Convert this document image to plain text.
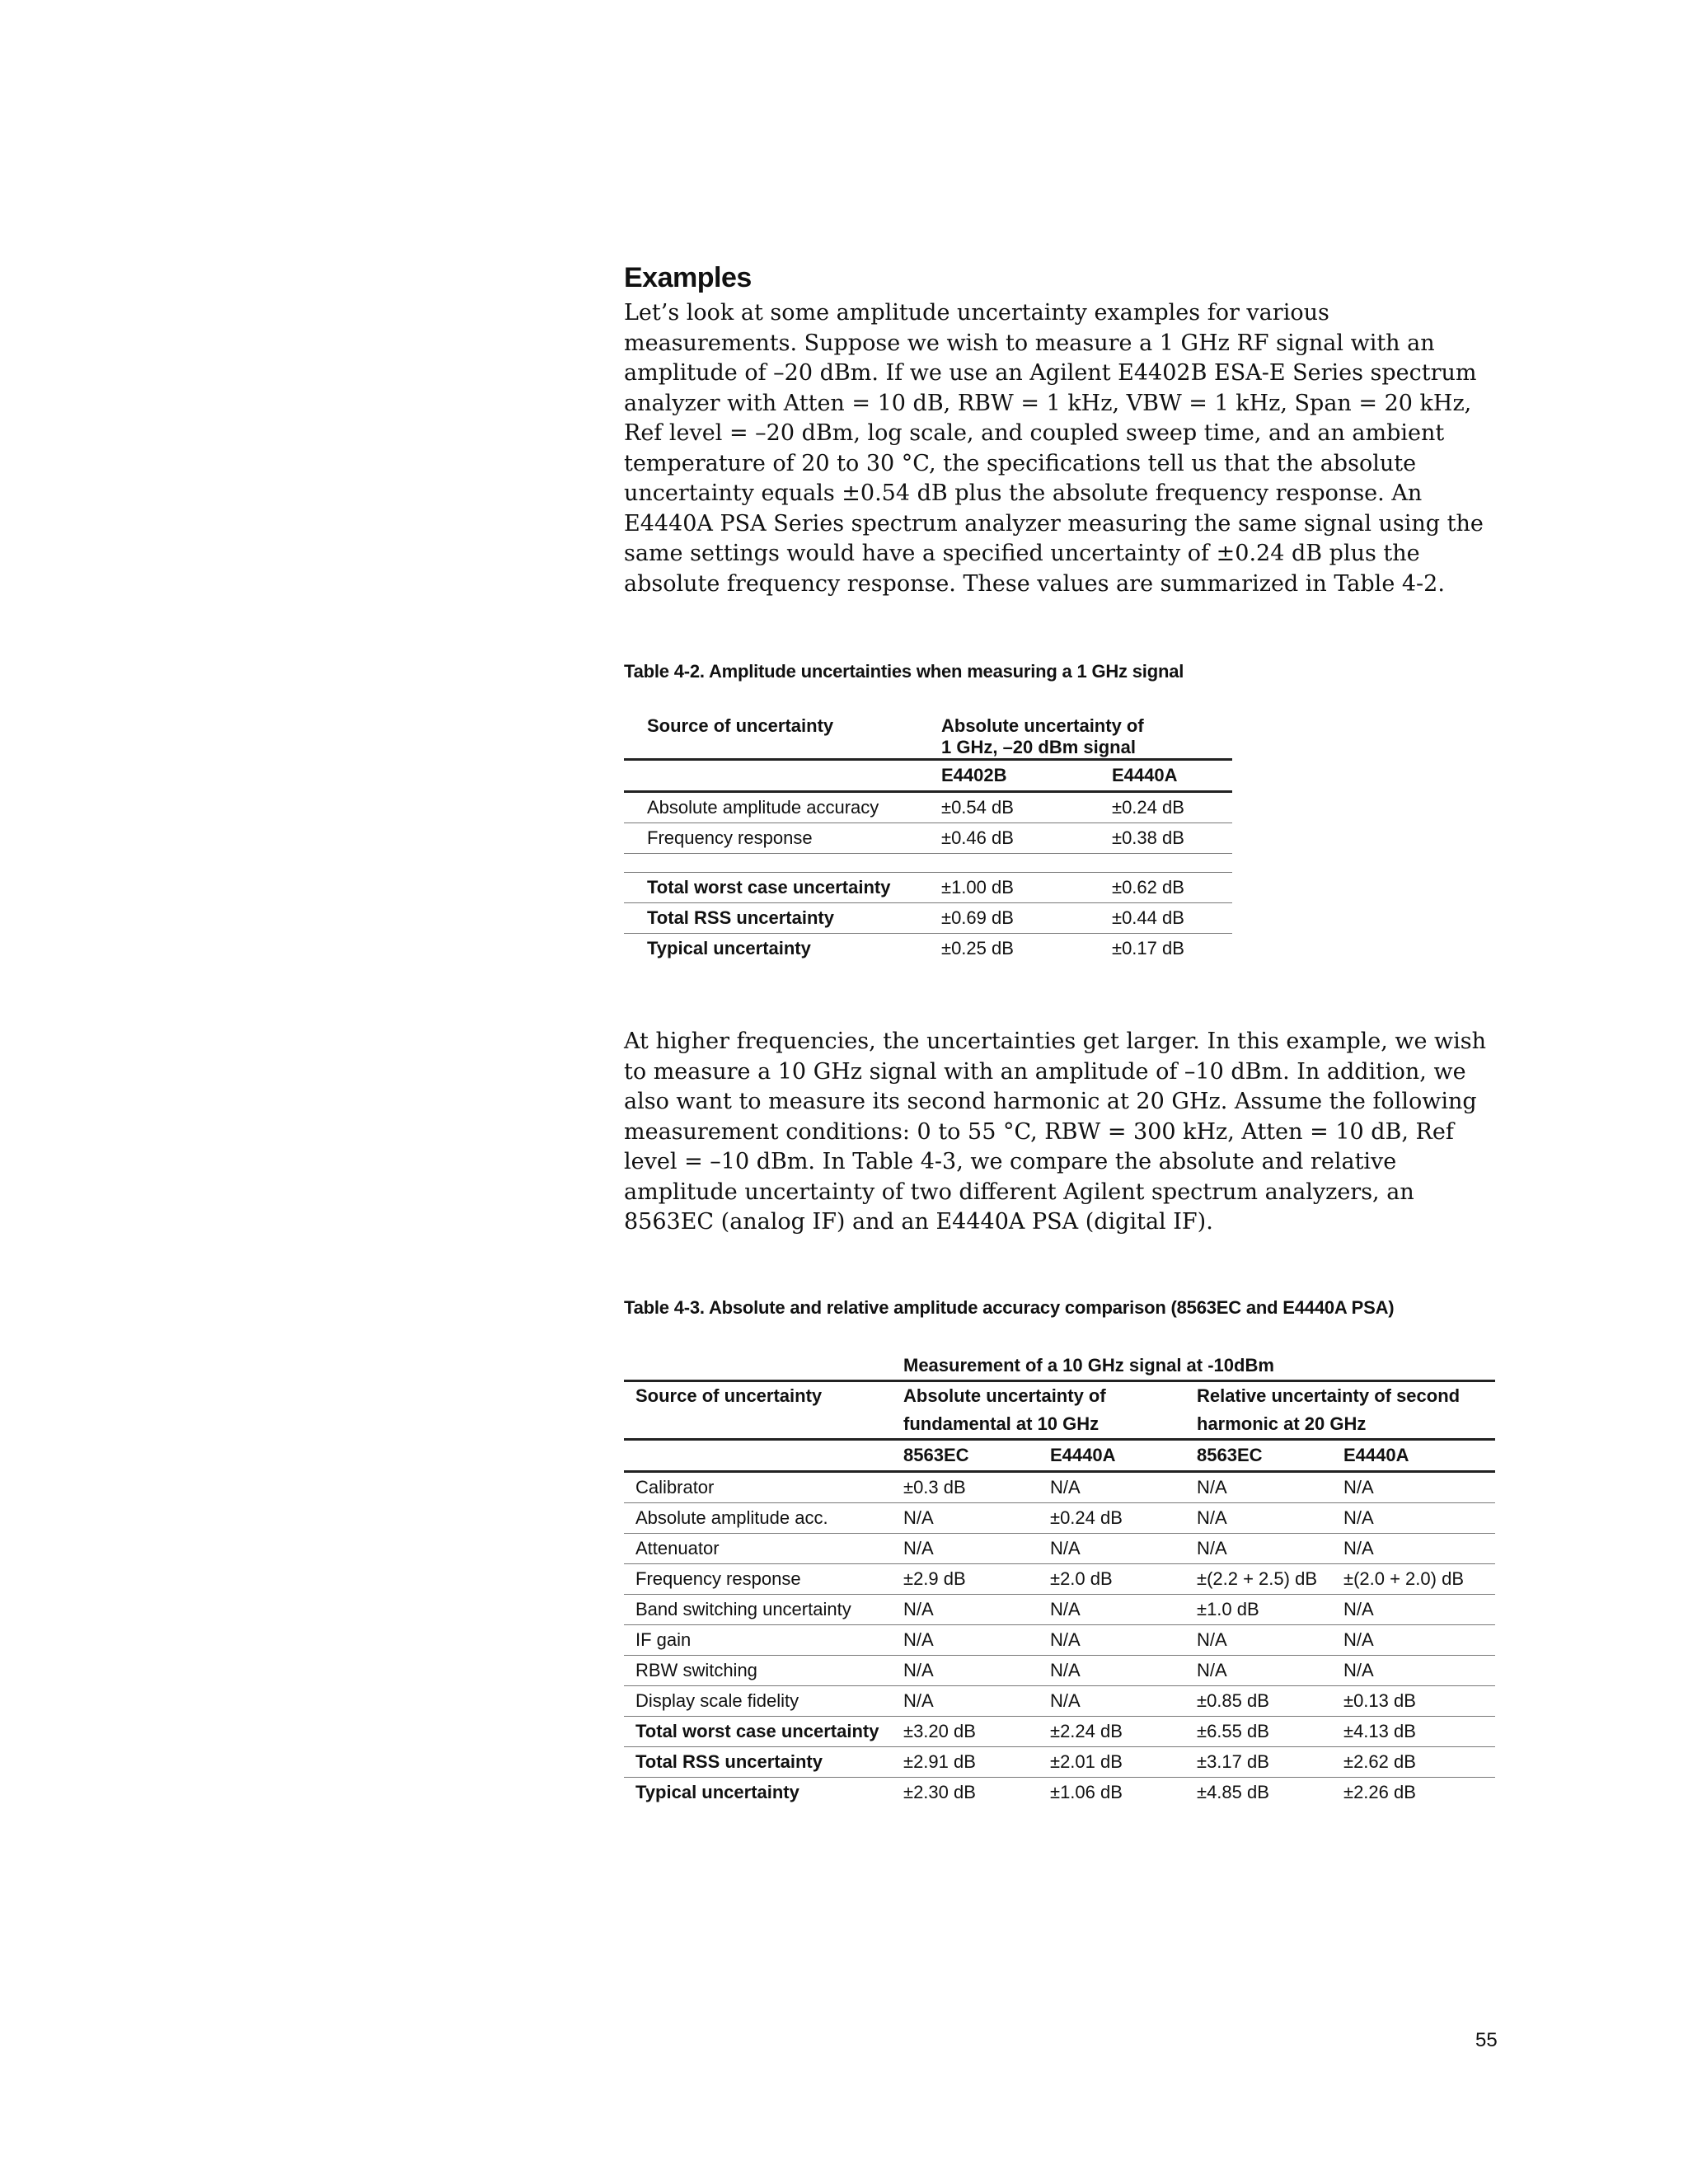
Examples

Let’s look at some amplitude uncertainty examples for various measurements. Suppose we wish to measure a 1 GHz RF signal with an amplitude of –20 dBm. If we use an Agilent E4402B ESA-E Series spectrum analyzer with Atten = 10 dB, RBW = 1 kHz, VBW = 1 kHz, Span = 20 kHz, Ref level = –20 dBm, log scale, and coupled sweep time, and an ambient temperature of 20 to 30 °C, the specifications tell us that the absolute uncertainty equals ±0.54 dB plus the absolute frequency response. An E4440A PSA Series spectrum analyzer measuring the same signal using the same settings would have a specified uncertainty of ±0.24 dB plus the absolute frequency response. These values are summarized in Table 4-2.

Table 4-2. Amplitude uncertainties when measuring a 1 GHz signal
Source of uncertainty	Absolute uncertainty of
1 GHz, –20 dBm signal	
	E4402B	E4440A
Absolute amplitude accuracy	±0.54 dB	±0.24 dB
Frequency response	±0.46 dB	±0.38 dB

Total worst case uncertainty	±1.00 dB	±0.62 dB
Total RSS uncertainty	±0.69 dB	±0.44 dB
Typical uncertainty	±0.25 dB	±0.17 dB

At higher frequencies, the uncertainties get larger. In this example, we wish to measure a 10 GHz signal with an amplitude of –10 dBm. In addition, we also want to measure its second harmonic at 20 GHz. Assume the following measurement conditions: 0 to 55 °C, RBW = 300 kHz, Atten = 10 dB, Ref level = –10 dBm. In Table 4-3, we compare the absolute and relative amplitude uncertainty of two different Agilent spectrum analyzers, an 8563EC (analog IF) and an E4440A PSA (digital IF).

Table 4-3. Absolute and relative amplitude accuracy comparison (8563EC and E4440A PSA)
	Measurement of a 10 GHz signal at -10dBm			
Source of uncertainty	Absolute uncertainty of		Relative uncertainty of second	
	fundamental at 10 GHz		harmonic at 20 GHz	
	8563EC	E4440A	8563EC	E4440A
Calibrator	±0.3 dB	N/A	N/A	N/A
Absolute amplitude acc.	N/A	±0.24 dB	N/A	N/A
Attenuator	N/A	N/A	N/A	N/A
Frequency response	±2.9 dB	±2.0 dB	±(2.2 + 2.5) dB	±(2.0 + 2.0) dB
Band switching uncertainty	N/A	N/A	±1.0 dB	N/A
IF gain	N/A	N/A	N/A	N/A
RBW switching	N/A	N/A	N/A	N/A
Display scale fidelity	N/A	N/A	±0.85 dB	±0.13 dB
Total worst case uncertainty	±3.20 dB	±2.24 dB	±6.55 dB	±4.13 dB
Total RSS uncertainty	±2.91 dB	±2.01 dB	±3.17 dB	±2.62 dB
Typical uncertainty	±2.30 dB	±1.06 dB	±4.85 dB	±2.26 dB
55
